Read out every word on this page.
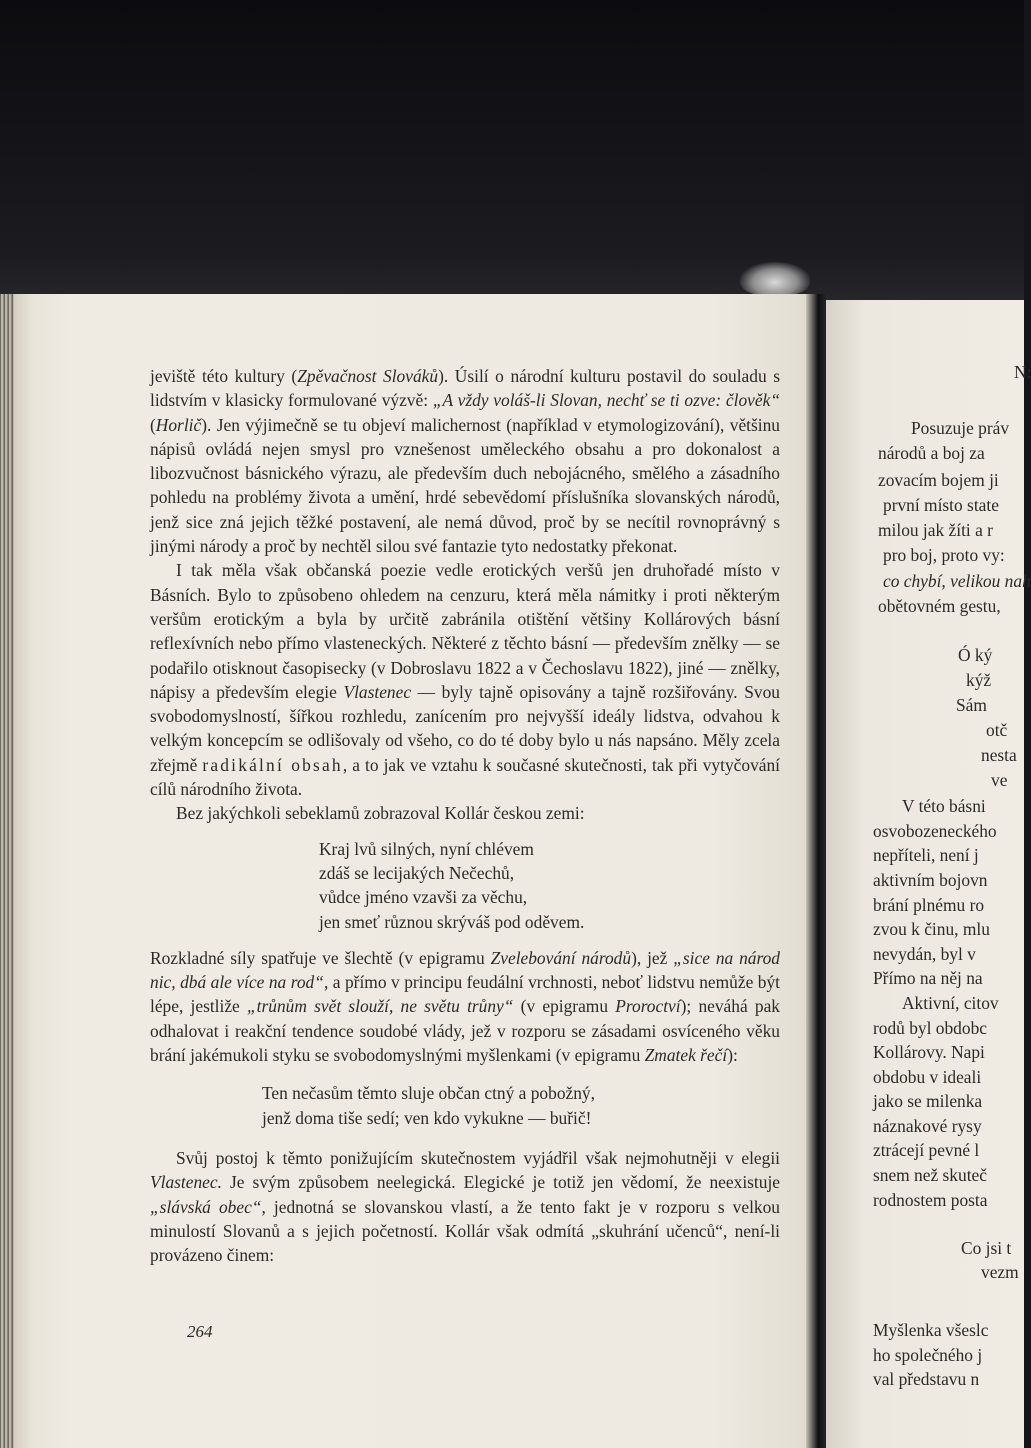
jeviště této kultury (Zpěvačnost Slováků). Úsilí o národní kulturu postavil do souladu s lidstvím v klasicky formulované výzvě: „A vždy voláš-li Slovan, nechť se ti ozve: člověk“ (Horlič). Jen výjimečně se tu objeví malichernost (například v etymologizování), většinu nápisů ovládá nejen smysl pro vznešenost uměleckého obsahu a pro dokonalost a libozvučnost básnického výrazu, ale především duch nebojácného, smělého a zásadního pohledu na problémy života a umění, hrdé sebevědomí příslušníka slovanských národů, jenž sice zná jejich těžké postavení, ale nemá důvod, proč by se necítil rovnoprávný s jinými národy a proč by nechtěl silou své fantazie tyto nedostatky překonat.

I tak měla však občanská poezie vedle erotických veršů jen druhořadé místo v Básních. Bylo to způsobeno ohledem na cenzuru, která měla námitky i proti některým veršům erotickým a byla by určitě zabránila otištění většiny Kollárových básní reflexívních nebo přímo vlasteneckých. Některé z těchto básní — především znělky — se podařilo otisknout časopisecky (v Dobroslavu 1822 a v Čechoslavu 1822), jiné — znělky, nápisy a především elegie Vlastenec — byly tajně opisovány a tajně rozšiřovány. Svou svobodomyslností, šířkou rozhledu, zanícením pro nejvyšší ideály lidstva, odvahou k velkým koncepcím se odlišovaly od všeho, co do té doby bylo u nás napsáno. Měly zcela zřejmě radikální obsah, a to jak ve vztahu k současné skutečnosti, tak při vytyčování cílů národního života.

Bez jakýchkoli sebeklamů zobrazoval Kollár českou zemi:

Kraj lvů silných, nyní chlévem
zdáš se lecijakých Nečechů,
vůdce jméno vzavši za věchu,
jen smeť různou skrýváš pod oděvem.

Rozkladné síly spatřuje ve šlechtě (v epigramu Zvelebování národů), jež „sice na národ nic, dbá ale více na rod“, a přímo v principu feudální vrchnosti, neboť lidstvu nemůže být lépe, jestliže „trůnům svět slouží, ne světu trůny“ (v epigramu Proroctví); neváhá pak odhalovat i reakční tendence soudobé vlády, jež v rozporu se zásadami osvíceného věku brání jakémukoli styku se svobodomyslnými myšlenkami (v epigramu Zmatek řečí):

Ten nečasům těmto sluje občan ctný a pobožný,
jenž doma tiše sedí; ven kdo vykukne — buřič!

Svůj postoj k těmto ponižujícím skutečnostem vyjádřil však nejmohutněji v elegii Vlastenec. Je svým způsobem neelegická. Elegické je totiž jen vědomí, že neexistuje „slávská obec“, jednotná se slovanskou vlastí, a že tento fakt je v rozporu s velkou minulostí Slovanů a s jejich početností. Kollár však odmítá „skuhrání učenců“, není-li provázeno činem:

264
N:
Posuzuje práv
národů a boj za
zovacím bojem ji
první místo state
milou jak žíti a r
pro boj, proto vy:
co chybí, velikou nah
obětovném gestu,
Ó ký
kýž
Sám
otč
nesta
ve
V této básni
osvobozeneckého
nepříteli, není j
aktivním bojovn
brání plnému ro
zvou k činu, mlu
nevydán, byl v
Přímo na něj na
Aktivní, citov
rodů byl obdobc
Kollárovy. Napi
obdobu v ideali
jako se milenka
náznakové rysy
ztrácejí pevné l
snem než skuteč
rodnostem posta
Co jsi t
vezm
Myšlenka všeslc
ho společného j
val představu n
